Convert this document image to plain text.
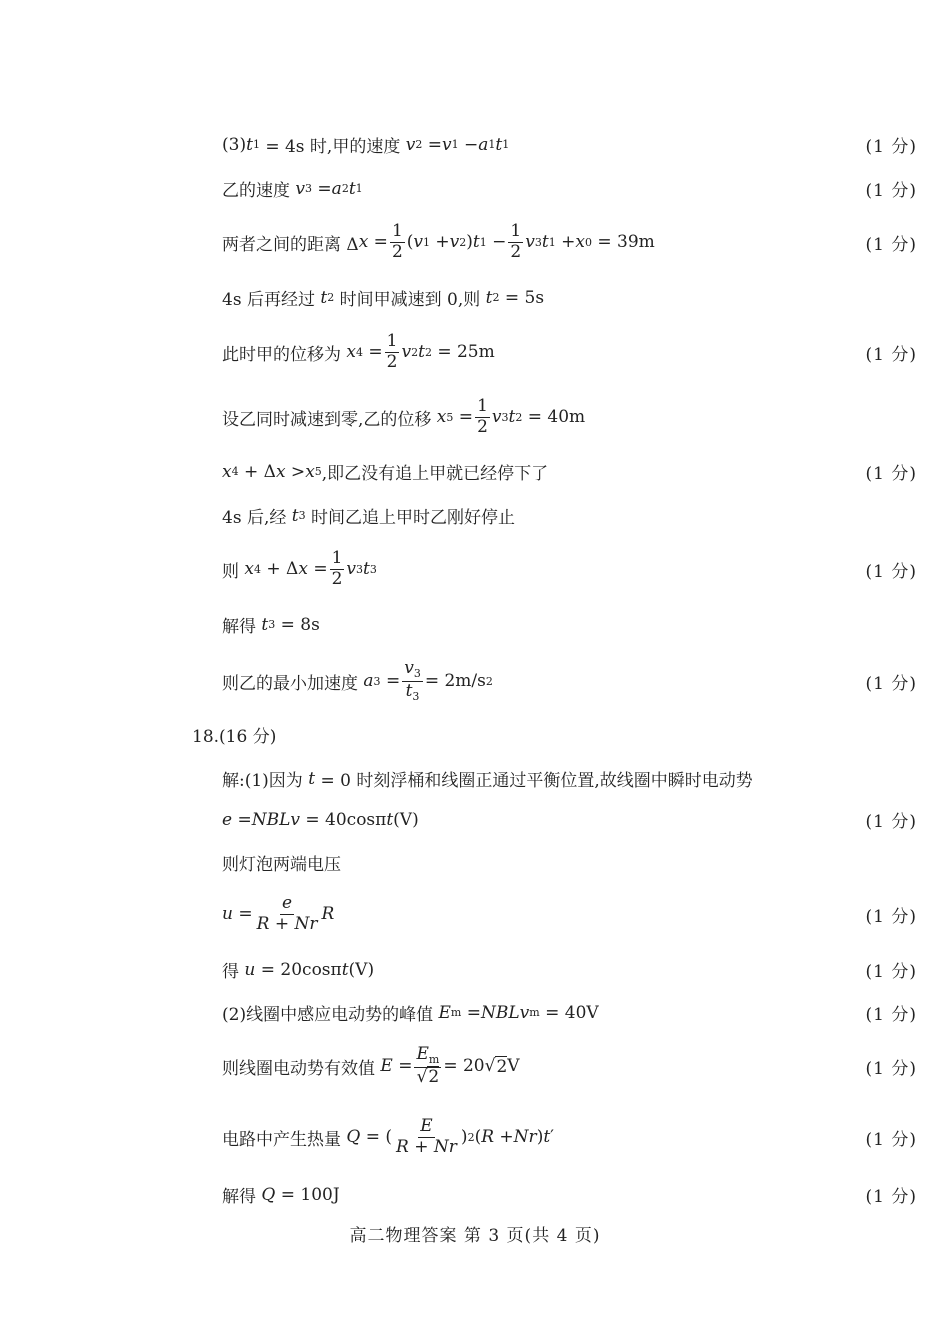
(3) t 1 = 4s 时,甲的速度 v 2 = v 1 − a 1 t 1	(1 分)
乙的速度 v 3 = a 2 t 1	(1 分)
两者之间的距离 Δ $x = \frac{1}{2}$ ( v 1 + v 2 ) t $1 - \frac{1}{2}$ v 3 t 1 + x 0 = 39m	(1 分)
4s 后再经过 t 2 时间甲减速到 0,则 t 2 = 5s
此时甲的位移为 x $4 = \frac{1}{2}$ v 2 t 2 = 25m	(1 分)
设乙同时减速到零,乙的位移 x $5 = \frac{1}{2}$ v 3 t 2 = 40m
x 4 + Δ x > x 5 ,即乙没有追上甲就已经停下了	(1 分)
4s 后,经 t 3 时间乙追上甲时乙刚好停止
则 x 4 + Δ $x = \frac{1}{2}$ v 3 t 3	(1 分)
解得 t 3 = 8s
则乙的最小加速度 a $3 = \frac{v_3}{t_3} = 2m/s$ 2	(1 分)
18.(16 分)
解:(1)因为 t = 0 时刻浮桶和线圈正通过平衡位置,故线圈中瞬时电动势
e = NBLv = 40cosπ t (V)	(1 分)
则灯泡两端电压
$u = \frac{e}{R + Nr}$ R	(1 分)
得 u = 20cosπ t (V)	(1 分)
(2)线圈中感应电动势的峰值 E m = NBLv m = 40V	(1 分)
则线圈电动势有效值 $E = \frac{E_m}{√2} = 20√$ 2 V	(1 分)
电路中产生热量 Q = ( $\frac{E}{R + Nr}$ ) 2 ( R + Nr ) t ′	(1 分)
解得 Q = 100J	(1 分)
高二物理答案 第 3 页(共 4 页)
